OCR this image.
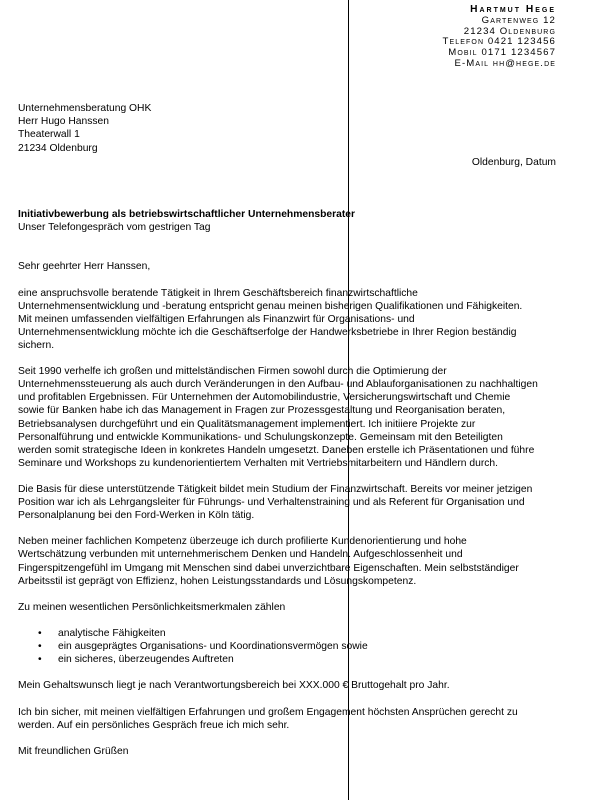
Hartmut Hege
Gartenweg 12
21234 Oldenburg
Telefon 0421 123456
Mobil 0171 1234567
E-Mail hh@hege.de
Unternehmensberatung OHK
Herr Hugo Hanssen
Theaterwall 1
21234 Oldenburg
Oldenburg, Datum
Initiativbewerbung als betriebswirtschaftlicher Unternehmensberater
Unser Telefongespräch vom gestrigen Tag

Sehr geehrter Herr Hanssen,

eine anspruchsvolle beratende Tätigkeit in Ihrem Geschäftsbereich finanzwirtschaftliche Unternehmensentwicklung und -beratung entspricht genau meinen bisherigen Qualifikationen und Fähigkeiten. Mit meinen umfassenden vielfältigen Erfahrungen als Finanzwirt für Organisations- und Unternehmensentwicklung möchte ich die Geschäftserfolge der Handwerksbetriebe in Ihrer Region beständig sichern.

Seit 1990 verhelfe ich großen und mittelständischen Firmen sowohl durch die Optimierung der Unternehmenssteuerung als auch durch Veränderungen in den Aufbau- und Ablauforganisationen zu nachhaltigen und profitablen Ergebnissen. Für Unternehmen der Automobilindustrie, Versicherungswirtschaft und Chemie sowie für Banken habe ich das Management in Fragen zur Prozessgestaltung und Reorganisation beraten, Betriebsanalysen durchgeführt und ein Qualitätsmanagement implementiert. Ich initiiere Projekte zur Personalführung und entwickle Kommunikations- und Schulungskonzepte. Gemeinsam mit den Beteiligten werden somit strategische Ideen in konkretes Handeln umgesetzt. Daneben erstelle ich Präsentationen und führe Seminare und Workshops zu kundenorientiertem Verhalten mit Vertriebsmitarbeitern und Händlern durch.

Die Basis für diese unterstützende Tätigkeit bildet mein Studium der Finanzwirtschaft. Bereits vor meiner jetzigen Position war ich als Lehrgangsleiter für Führungs- und Verhaltenstraining und als Referent für Organisation und Personalplanung bei den Ford-Werken in Köln tätig.

Neben meiner fachlichen Kompetenz überzeuge ich durch profilierte Kundenorientierung und hohe Wertschätzung verbunden mit unternehmerischem Denken und Handeln. Aufgeschlossenheit und Fingerspitzengefühl im Umgang mit Menschen sind dabei unverzichtbare Eigenschaften. Mein selbstständiger Arbeitsstil ist geprägt von Effizienz, hohen Leistungsstandards und Lösungskompetenz.

Zu meinen wesentlichen Persönlichkeitsmerkmalen zählen

• analytische Fähigkeiten
• ein ausgeprägtes Organisations- und Koordinationsvermögen sowie
• ein sicheres, überzeugendes Auftreten

Mein Gehaltswunsch liegt je nach Verantwortungsbereich bei XXX.000 € Bruttogehalt pro Jahr.

Ich bin sicher, mit meinen vielfältigen Erfahrungen und großem Engagement höchsten Ansprüchen gerecht zu werden. Auf ein persönliches Gespräch freue ich mich sehr.

Mit freundlichen Grüßen
